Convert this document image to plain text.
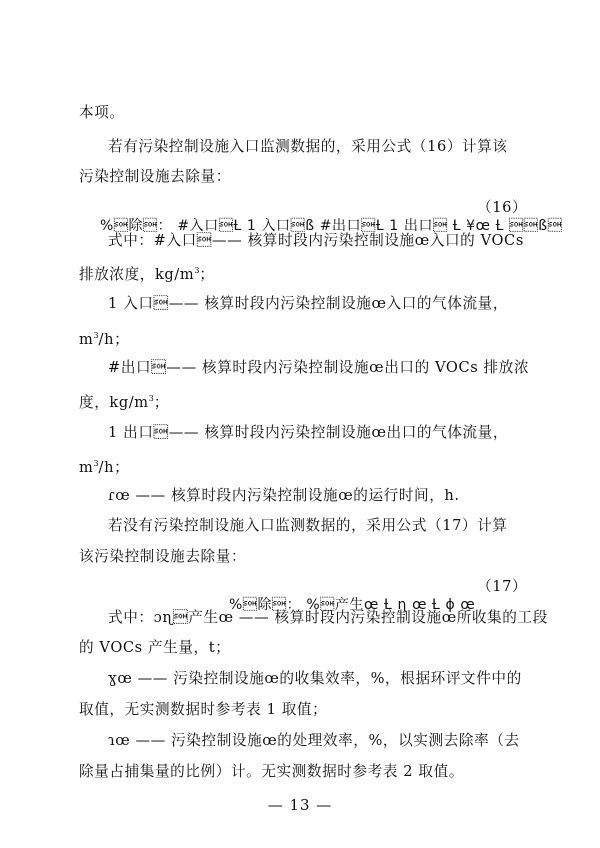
本项。
若有污染控制设施入口监测数据的，采用公式（16）计算该
污染控制设施去除量：

%除： #入口Ƚ 1 入口ß #出口Ƚ 1 出口 Ƚ ¥œ Ƚ ß

（16）
式中：#入口—— 核算时段内污染控制设施œ入口的 VOCs
排放浓度，$kg/m^3$；
1 入口—— 核算时段内污染控制设施œ入口的气体流量，
$m^3/h$；
#出口—— 核算时段内污染控制设施œ出口的 VOCs 排放浓
度，$kg/m^3$；
1 出口—— 核算时段内污染控制设施œ出口的气体流量，
$m^3/h$；
ɾœ —— 核算时段内污染控制设施œ的运行时间，h.
若没有污染控制设施入口监测数据的，采用公式（17）计算
该污染控制设施去除量：

%除： %产生œ Ƚ ɳ œ Ƚ ɸ œ

（17）
式中：ɔɳ产生œ —— 核算时段内污染控制设施œ所收集的工段
的 VOCs 产生量，t；
ɣœ —— 污染控制设施œ的收集效率，%，根据环评文件中的
取值，无实测数据时参考表 1 取值；
ɿœ —— 污染控制设施œ的处理效率，%，以实测去除率（去
除量占捕集量的比例）计。无实测数据时参考表 2 取值。
— 13 —
